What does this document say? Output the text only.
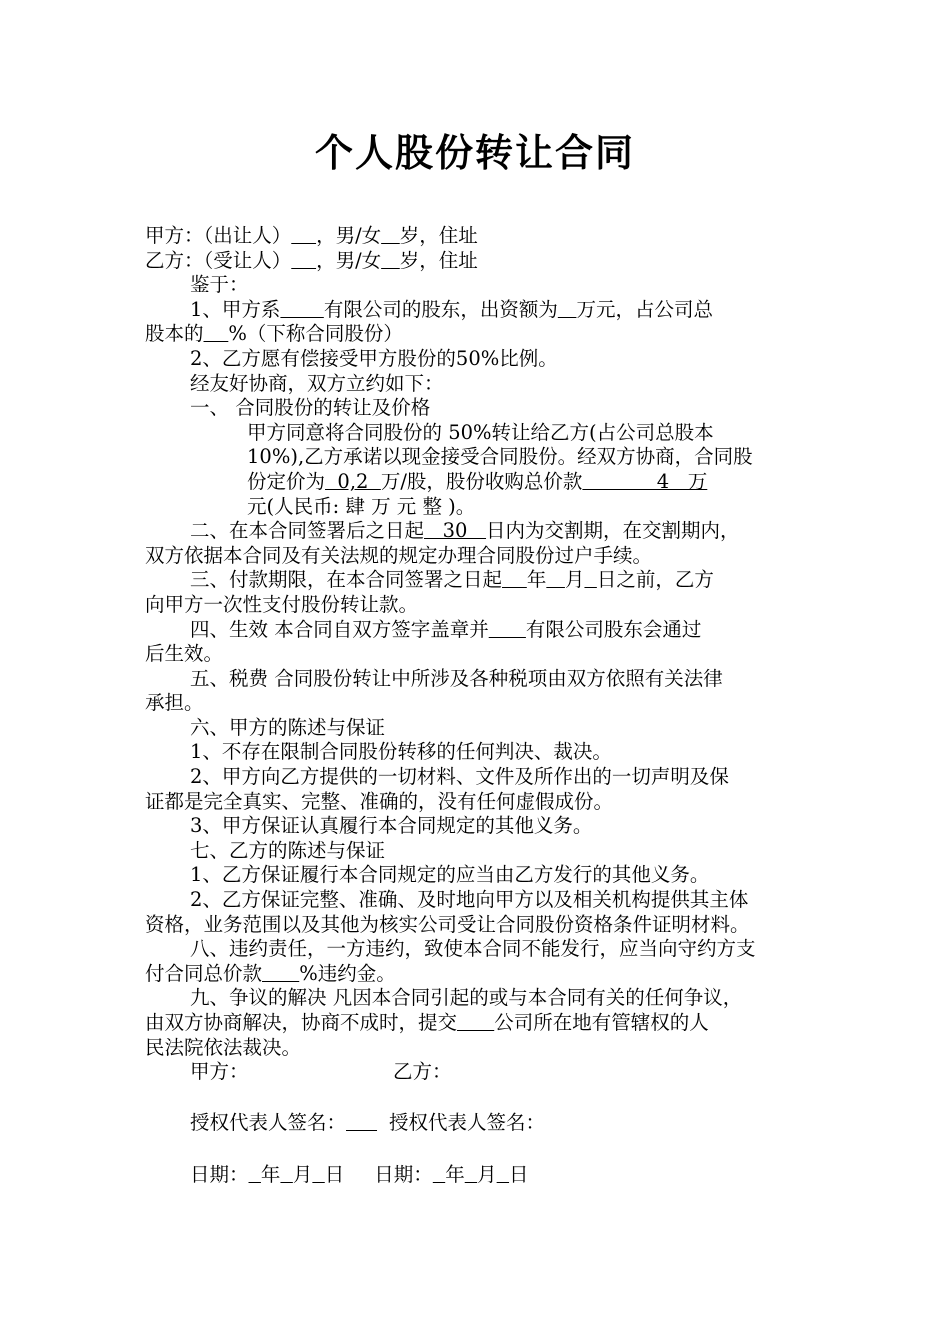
个人股份转让合同
甲方：（出让人） ，男/女 岁，住址
乙方：（受让人） ，男/女 岁，住址
鉴于：
1、甲方系 有限公司的股东，出资额为 万元，占公司总
股本的 %（下称合同股份）
2、乙方愿有偿接受甲方股份的50%比例。
经友好协商，双方立约如下：
一、 合同股份的转让及价格
甲方同意将合同股份的 50%转让给乙方(占公司总股本
10%),乙方承诺以现金接受合同股份。经双方协商，合同股
份定价为  0,2  万/股，股份收购总价款            4   万
元(人民币: 肆 万 元 整 )。
二、在本合同签署后之日起   30   日内为交割期，在交割期内，
双方依据本合同及有关法规的规定办理合同股份过户手续。
三、付款期限，在本合同签署之日起 年 月 日之前，乙方
向甲方一次性支付股份转让款。
四、生效 本合同自双方签字盖章并 有限公司股东会通过
后生效。
五、税费 合同股份转让中所涉及各种税项由双方依照有关法律
承担。
六、甲方的陈述与保证
1、不存在限制合同股份转移的任何判决、裁决。
2、甲方向乙方提供的一切材料、文件及所作出的一切声明及保
证都是完全真实、完整、准确的，没有任何虚假成份。
3、甲方保证认真履行本合同规定的其他义务。
七、乙方的陈述与保证
1、乙方保证履行本合同规定的应当由乙方发行的其他义务。
2、乙方保证完整、准确、及时地向甲方以及相关机构提供其主体
资格，业务范围以及其他为核实公司受让合同股份资格条件证明材料。
八、违约责任，一方违约，致使本合同不能发行，应当向守约方支
付合同总价款 %违约金。
九、争议的解决 凡因本合同引起的或与本合同有关的任何争议，
由双方协商解决，协商不成时，提交 公司所在地有管辖权的人
民法院依法裁决。
甲方：	乙方：
授权代表人签名： 授权代表人签名：
日期： 年 月 日 日期： 年 月 日
